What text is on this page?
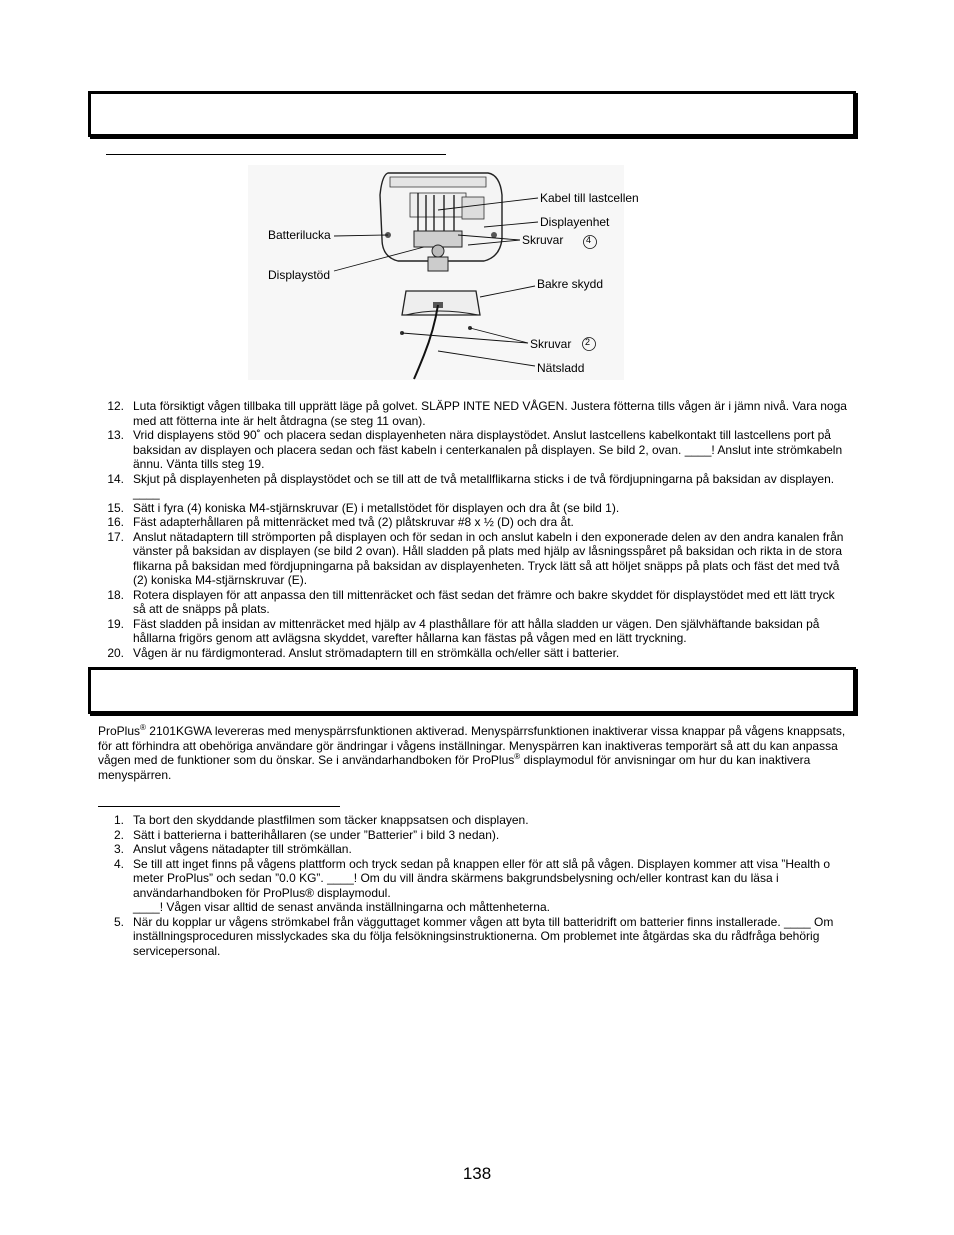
Kabel till lastcellen
Displayenhet
Batterilucka	Skruvar	4
Displaystöd
Bakre skydd
Skruvar 2
Nätsladd
12. Luta försiktigt vågen tillbaka till upprätt läge på golvet. SLÄPP INTE NED VÅGEN. Justera fötterna tills vågen är i jämn nivå. Vara noga med att fötterna inte är helt åtdragna (se steg 11 ovan).
13. Vrid displayens stöd 90˚ och placera sedan displayenheten nära displaystödet. Anslut lastcellens kabelkontakt till lastcellens port på baksidan av displayen och placera sedan och fäst kabeln i centerkanalen på displayen. Se bild 2, ovan. ____! Anslut inte strömkabeln ännu. Vänta tills steg 19.
14. Skjut på displayenheten på displaystödet och se till att de två metallflikarna sticks i de två fördjupningarna på baksidan av displayen. ____
15. Sätt i fyra (4) koniska M4-stjärnskruvar (E) i metallstödet för displayen och dra åt (se bild 1).
16. Fäst adapterhållaren på mittenräcket med två (2) plåtskruvar #8 x ½ (D) och dra åt.
17. Anslut nätadaptern till strömporten på displayen och för sedan in och anslut kabeln i den exponerade delen av den andra kanalen från vänster på baksidan av displayen (se bild 2 ovan). Håll sladden på plats med hjälp av låsningsspåret på baksidan och rikta in de stora flikarna på baksidan med fördjupningarna på baksidan av displayenheten. Tryck lätt så att höljet snäpps på plats och fäst det med två (2) koniska M4-stjärnskruvar (E).
18. Rotera displayen för att anpassa den till mittenräcket och fäst sedan det främre och bakre skyddet för displaystödet med ett lätt tryck så att de snäpps på plats.
19. Fäst sladden på insidan av mittenräcket med hjälp av 4 plasthållare för att hålla sladden ur vägen. Den självhäftande baksidan på hållarna frigörs genom att avlägsna skyddet, varefter hållarna kan fästas på vågen med en lätt tryckning.
20. Vågen är nu färdigmonterad. Anslut strömadaptern till en strömkälla och/eller sätt i batterier.
ProPlus® 2101KGWA levereras med menyspärrsfunktionen aktiverad. Menyspärrsfunktionen inaktiverar vissa knappar på vågens knappsats, för att förhindra att obehöriga användare gör ändringar i vågens inställningar. Menyspärren kan inaktiveras temporärt så att du kan anpassa vågen med de funktioner som du önskar. Se i användarhandboken för ProPlus® displaymodul för anvisningar om hur du kan inaktivera menyspärren.
1. Ta bort den skyddande plastfilmen som täcker knappsatsen och displayen.
2. Sätt i batterierna i batterihållaren (se under ”Batterier” i bild 3 nedan).
3. Anslut vågens nätadapter till strömkällan.
4. Se till att inget finns på vågens plattform och tryck sedan på knappen eller för att slå på vågen. Displayen kommer att visa ”Health o meter ProPlus” och sedan ”0.0 KG”. ____! Om du vill ändra skärmens bakgrundsbelysning och/eller kontrast kan du läsa i användarhandboken för ProPlus® displaymodul.
____! Vågen visar alltid de senast använda inställningarna och måttenheterna.
5. När du kopplar ur vågens strömkabel från vägguttaget kommer vågen att byta till batteridrift om batterier finns installerade. ____ Om inställningsproceduren misslyckades ska du följa felsökningsinstruktionerna. Om problemet inte åtgärdas ska du rådfråga behörig servicepersonal.
138
